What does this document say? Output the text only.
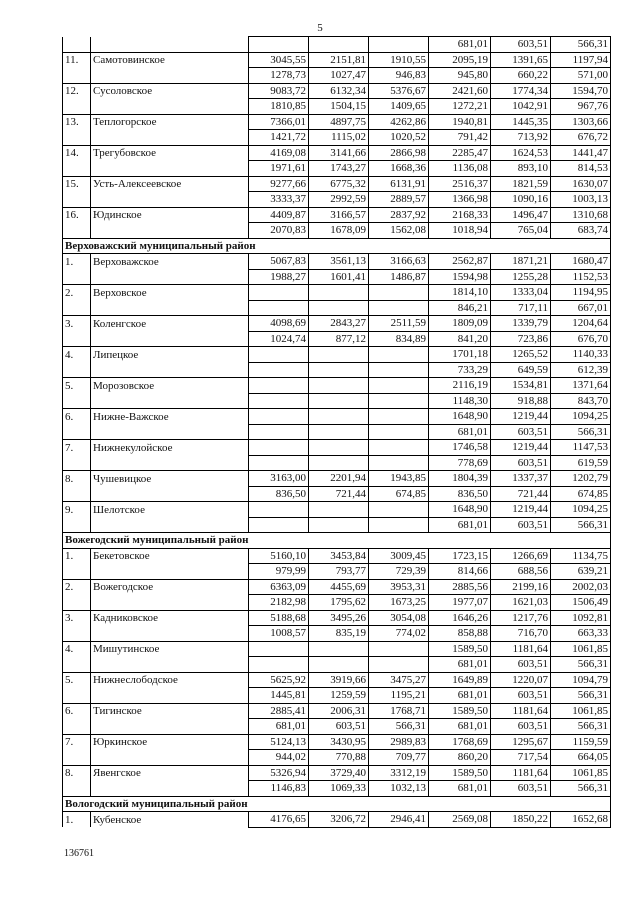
5
					681,01	603,51	566,31
11.	Самотовинское	3045,55	2151,81	1910,55	2095,19	1391,65	1197,94
		1278,73	1027,47	946,83	945,80	660,22	571,00
12.	Сусоловское	9083,72	6132,34	5376,67	2421,60	1774,34	1594,70
		1810,85	1504,15	1409,65	1272,21	1042,91	967,76
13.	Теплогорское	7366,01	4897,75	4262,86	1940,81	1445,35	1303,66
		1421,72	1115,02	1020,52	791,42	713,92	676,72
14.	Трегубовское	4169,08	3141,66	2866,98	2285,47	1624,53	1441,47
		1971,61	1743,27	1668,36	1136,08	893,10	814,53
15.	Усть-Алексеевское	9277,66	6775,32	6131,91	2516,37	1821,59	1630,07
		3333,37	2992,59	2889,57	1366,98	1090,16	1003,13
16.	Юдинское	4409,87	3166,57	2837,92	2168,33	1496,47	1310,68
		2070,83	1678,09	1562,08	1018,94	765,04	683,74
Верховажский муниципальный район							
1.	Верховажское	5067,83	3561,13	3166,63	2562,87	1871,21	1680,47
		1988,27	1601,41	1486,87	1594,98	1255,28	1152,53
2.	Верховское				1814,10	1333,04	1194,95
					846,21	717,11	667,01
3.	Коленгское	4098,69	2843,27	2511,59	1809,09	1339,79	1204,64
		1024,74	877,12	834,89	841,20	723,86	676,70
4.	Липецкое				1701,18	1265,52	1140,33
					733,29	649,59	612,39
5.	Морозовское				2116,19	1534,81	1371,64
					1148,30	918,88	843,70
6.	Нижне-Важское				1648,90	1219,44	1094,25
					681,01	603,51	566,31
7.	Нижнекулойское				1746,58	1219,44	1147,53
					778,69	603,51	619,59
8.	Чушевицкое	3163,00	2201,94	1943,85	1804,39	1337,37	1202,79
		836,50	721,44	674,85	836,50	721,44	674,85
9.	Шелотское				1648,90	1219,44	1094,25
					681,01	603,51	566,31
Вожегодский муниципальный район							
1.	Бекетовское	5160,10	3453,84	3009,45	1723,15	1266,69	1134,75
		979,99	793,77	729,39	814,66	688,56	639,21
2.	Вожегодское	6363,09	4455,69	3953,31	2885,56	2199,16	2002,03
		2182,98	1795,62	1673,25	1977,07	1621,03	1506,49
3.	Кадниковское	5188,68	3495,26	3054,08	1646,26	1217,76	1092,81
		1008,57	835,19	774,02	858,88	716,70	663,33
4.	Мишутинское				1589,50	1181,64	1061,85
					681,01	603,51	566,31
5.	Нижнеслободское	5625,92	3919,66	3475,27	1649,89	1220,07	1094,79
		1445,81	1259,59	1195,21	681,01	603,51	566,31
6.	Тигинское	2885,41	2006,31	1768,71	1589,50	1181,64	1061,85
		681,01	603,51	566,31	681,01	603,51	566,31
7.	Юркинское	5124,13	3430,95	2989,83	1768,69	1295,67	1159,59
		944,02	770,88	709,77	860,20	717,54	664,05
8.	Явенгское	5326,94	3729,40	3312,19	1589,50	1181,64	1061,85
		1146,83	1069,33	1032,13	681,01	603,51	566,31
Вологодский муниципальный район							
1.	Кубенское	4176,65	3206,72	2946,41	2569,08	1850,22	1652,68
136761
